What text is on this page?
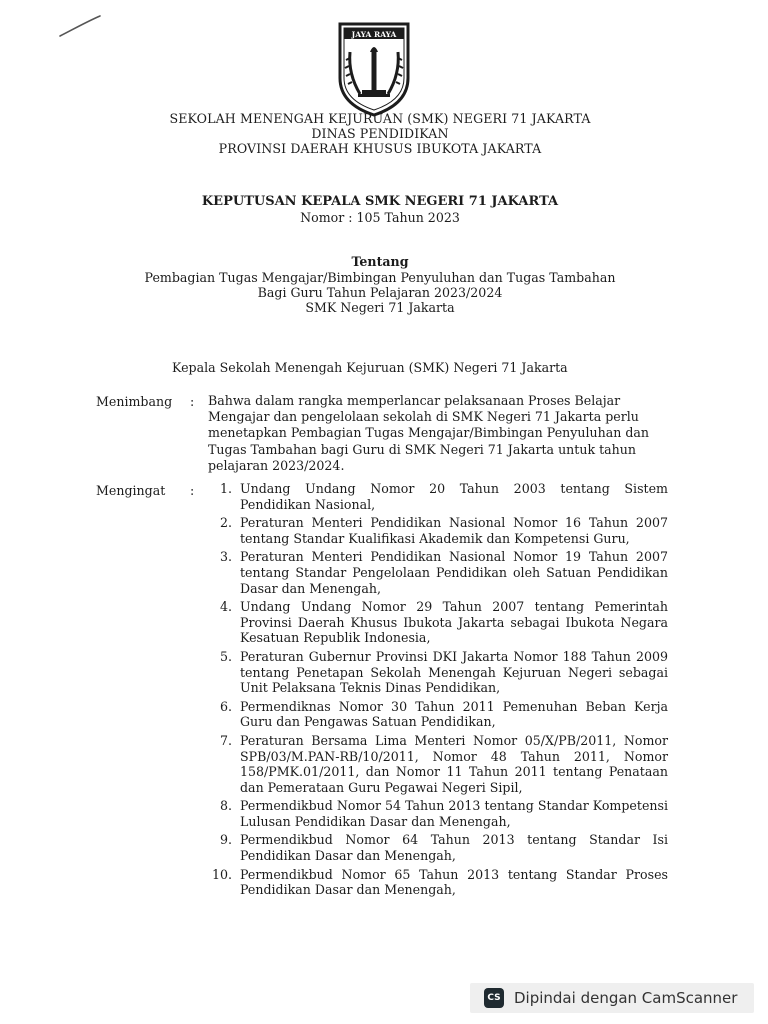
JAYA RAYA
SEKOLAH MENENGAH KEJURUAN (SMK) NEGERI 71 JAKARTA
DINAS PENDIDIKAN
PROVINSI DAERAH KHUSUS IBUKOTA JAKARTA
KEPUTUSAN KEPALA SMK NEGERI 71 JAKARTA
Nomor : 105 Tahun 2023
Tentang
Pembagian Tugas Mengajar/Bimbingan Penyuluhan dan Tugas Tambahan
Bagi Guru Tahun Pelajaran 2023/2024
SMK Negeri 71 Jakarta
Kepala Sekolah Menengah Kejuruan (SMK) Negeri 71 Jakarta
Menimbang : Bahwa dalam rangka memperlancar pelaksanaan Proses Belajar Mengajar dan pengelolaan sekolah di SMK Negeri 71 Jakarta perlu menetapkan Pembagian Tugas Mengajar/Bimbingan Penyuluhan dan Tugas Tambahan bagi Guru di SMK Negeri 71 Jakarta untuk tahun pelajaran 2023/2024.
Mengingat :	1. Undang Undang Nomor 20 Tahun 2003 tentang Sistem Pendidikan Nasional,
2. Peraturan Menteri Pendidikan Nasional Nomor 16 Tahun 2007 tentang Standar Kualifikasi Akademik dan Kompetensi Guru,
3. Peraturan Menteri Pendidikan Nasional Nomor 19 Tahun 2007 tentang Standar Pengelolaan Pendidikan oleh Satuan Pendidikan Dasar dan Menengah,
4. Undang Undang Nomor 29 Tahun 2007 tentang Pemerintah Provinsi Daerah Khusus Ibukota Jakarta sebagai Ibukota Negara Kesatuan Republik Indonesia,
5. Peraturan Gubernur Provinsi DKI Jakarta Nomor 188 Tahun 2009 tentang Penetapan Sekolah Menengah Kejuruan Negeri sebagai Unit Pelaksana Teknis Dinas Pendidikan,
6. Permendiknas Nomor 30 Tahun 2011 Pemenuhan Beban Kerja Guru dan Pengawas Satuan Pendidikan,
7. Peraturan Bersama Lima Menteri Nomor 05/X/PB/2011, Nomor SPB/03/M.PAN-RB/10/2011, Nomor 48 Tahun 2011, Nomor 158/PMK.01/2011, dan Nomor 11 Tahun 2011 tentang Penataan dan Pemerataan Guru Pegawai Negeri Sipil,
8. Permendikbud Nomor 54 Tahun 2013 tentang Standar Kompetensi Lulusan Pendidikan Dasar dan Menengah,
9. Permendikbud Nomor 64 Tahun 2013 tentang Standar Isi Pendidikan Dasar dan Menengah,
10. Permendikbud Nomor 65 Tahun 2013 tentang Standar Proses Pendidikan Dasar dan Menengah,
CS Dipindai dengan CamScanner
